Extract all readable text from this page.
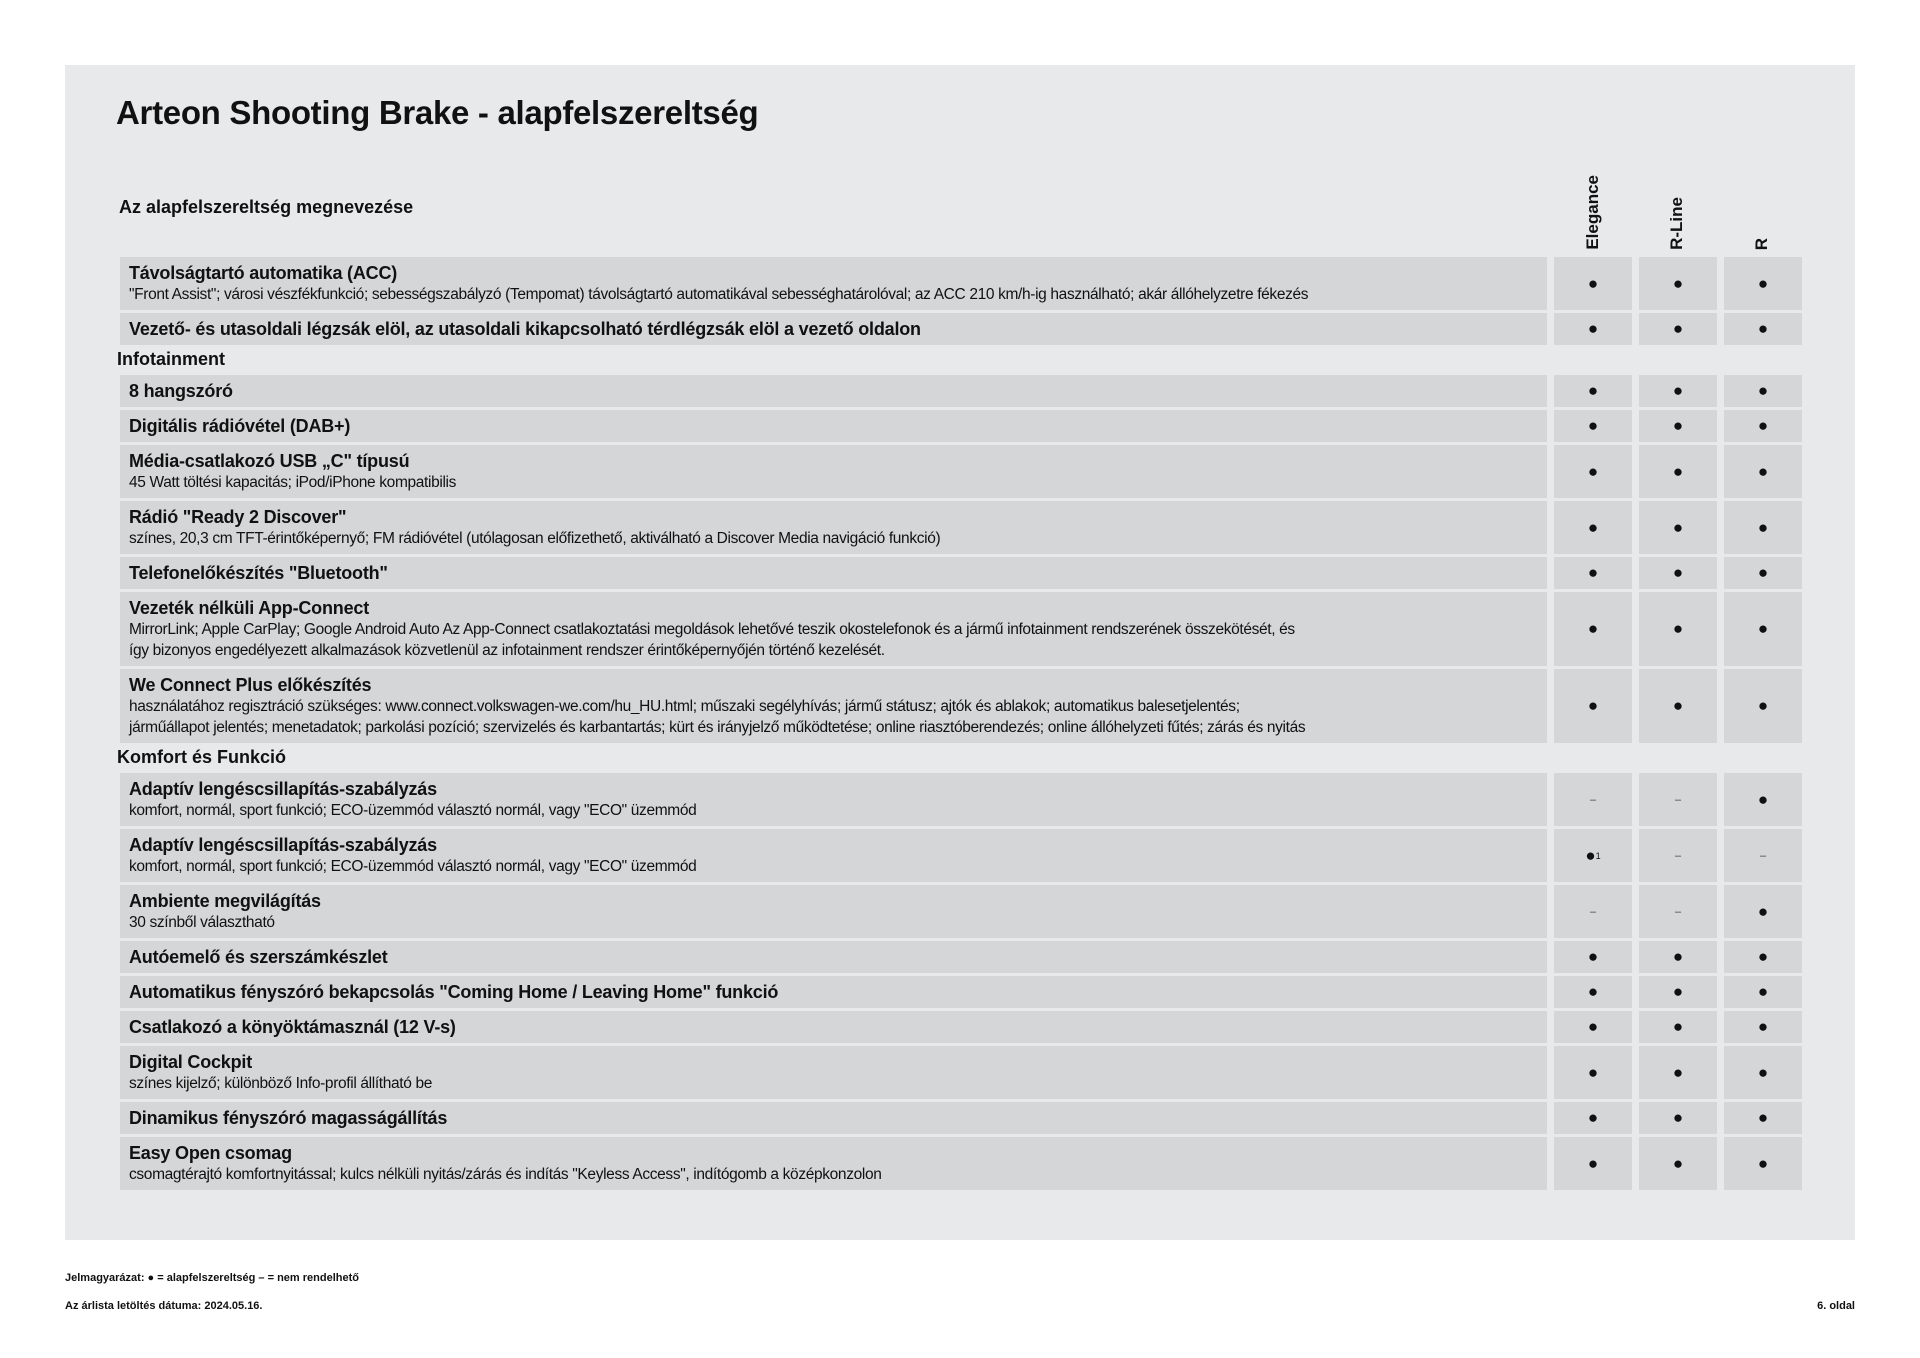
Arteon Shooting Brake - alapfelszereltség
Az alapfelszereltség megnevezése	Elegance	R-Line	R
Távolságtartó automatika (ACC)
"Front Assist"; városi vészfékfunkció; sebességszabályzó (Tempomat) távolságtartó automatikával sebességhatárolóval; az ACC 210 km/h-ig használható; akár állóhelyzetre fékezés
●	●	●
Vezető- és utasoldali légzsák elöl, az utasoldali kikapcsolható térdlégzsák elöl a vezető oldalon	●	●	●
Infotainment
8 hangszóró	●	●	●
Digitális rádióvétel (DAB+)	●	●	●
Média-csatlakozó USB „C" típusú
45 Watt töltési kapacitás; iPod/iPhone kompatibilis
●	●	●
Rádió "Ready 2 Discover"
színes, 20,3 cm TFT-érintőképernyő; FM rádióvétel (utólagosan előfizethető, aktiválható a Discover Media navigáció funkció)
●	●	●
Telefonelőkészítés "Bluetooth"	●	●	●
Vezeték nélküli App-Connect
MirrorLink; Apple CarPlay; Google Android Auto Az App-Connect csatlakoztatási megoldások lehetővé teszik okostelefonok és a jármű infotainment rendszerének összekötését, és
így bizonyos engedélyezett alkalmazások közvetlenül az infotainment rendszer érintőképernyőjén történő kezelését.
●	●	●
We Connect Plus előkészítés
használatához regisztráció szükséges: www.connect.volkswagen-we.com/hu_HU.html; műszaki segélyhívás; jármű státusz; ajtók és ablakok; automatikus balesetjelentés;
járműállapot jelentés; menetadatok; parkolási pozíció; szervizelés és karbantartás; kürt és irányjelző működtetése; online riasztóberendezés; online állóhelyzeti fűtés; zárás és nyitás
●	●	●
Komfort és Funkció
Adaptív lengéscsillapítás-szabályzás
komfort, normál, sport funkció; ECO-üzemmód választó normál, vagy "ECO" üzemmód
–	–	●
Adaptív lengéscsillapítás-szabályzás
komfort, normál, sport funkció; ECO-üzemmód választó normál, vagy "ECO" üzemmód
● 1	–	–
Ambiente megvilágítás
30 színből választható
–	–	●
Autóemelő és szerszámkészlet	●	●	●
Automatikus fényszóró bekapcsolás "Coming Home / Leaving Home" funkció	●	●	●
Csatlakozó a könyöktámasznál (12 V-s)	●	●	●
Digital Cockpit
színes kijelző; különböző Info-profil állítható be
●	●	●
Dinamikus fényszóró magasságállítás	●	●	●
Easy Open csomag
csomagtérajtó komfortnyitással; kulcs nélküli nyitás/zárás és indítás "Keyless Access", indítógomb a középkonzolon
●	●	●
Jelmagyarázat: ● = alapfelszereltség – = nem rendelhető
Az árlista letöltés dátuma: 2024.05.16.	6. oldal
